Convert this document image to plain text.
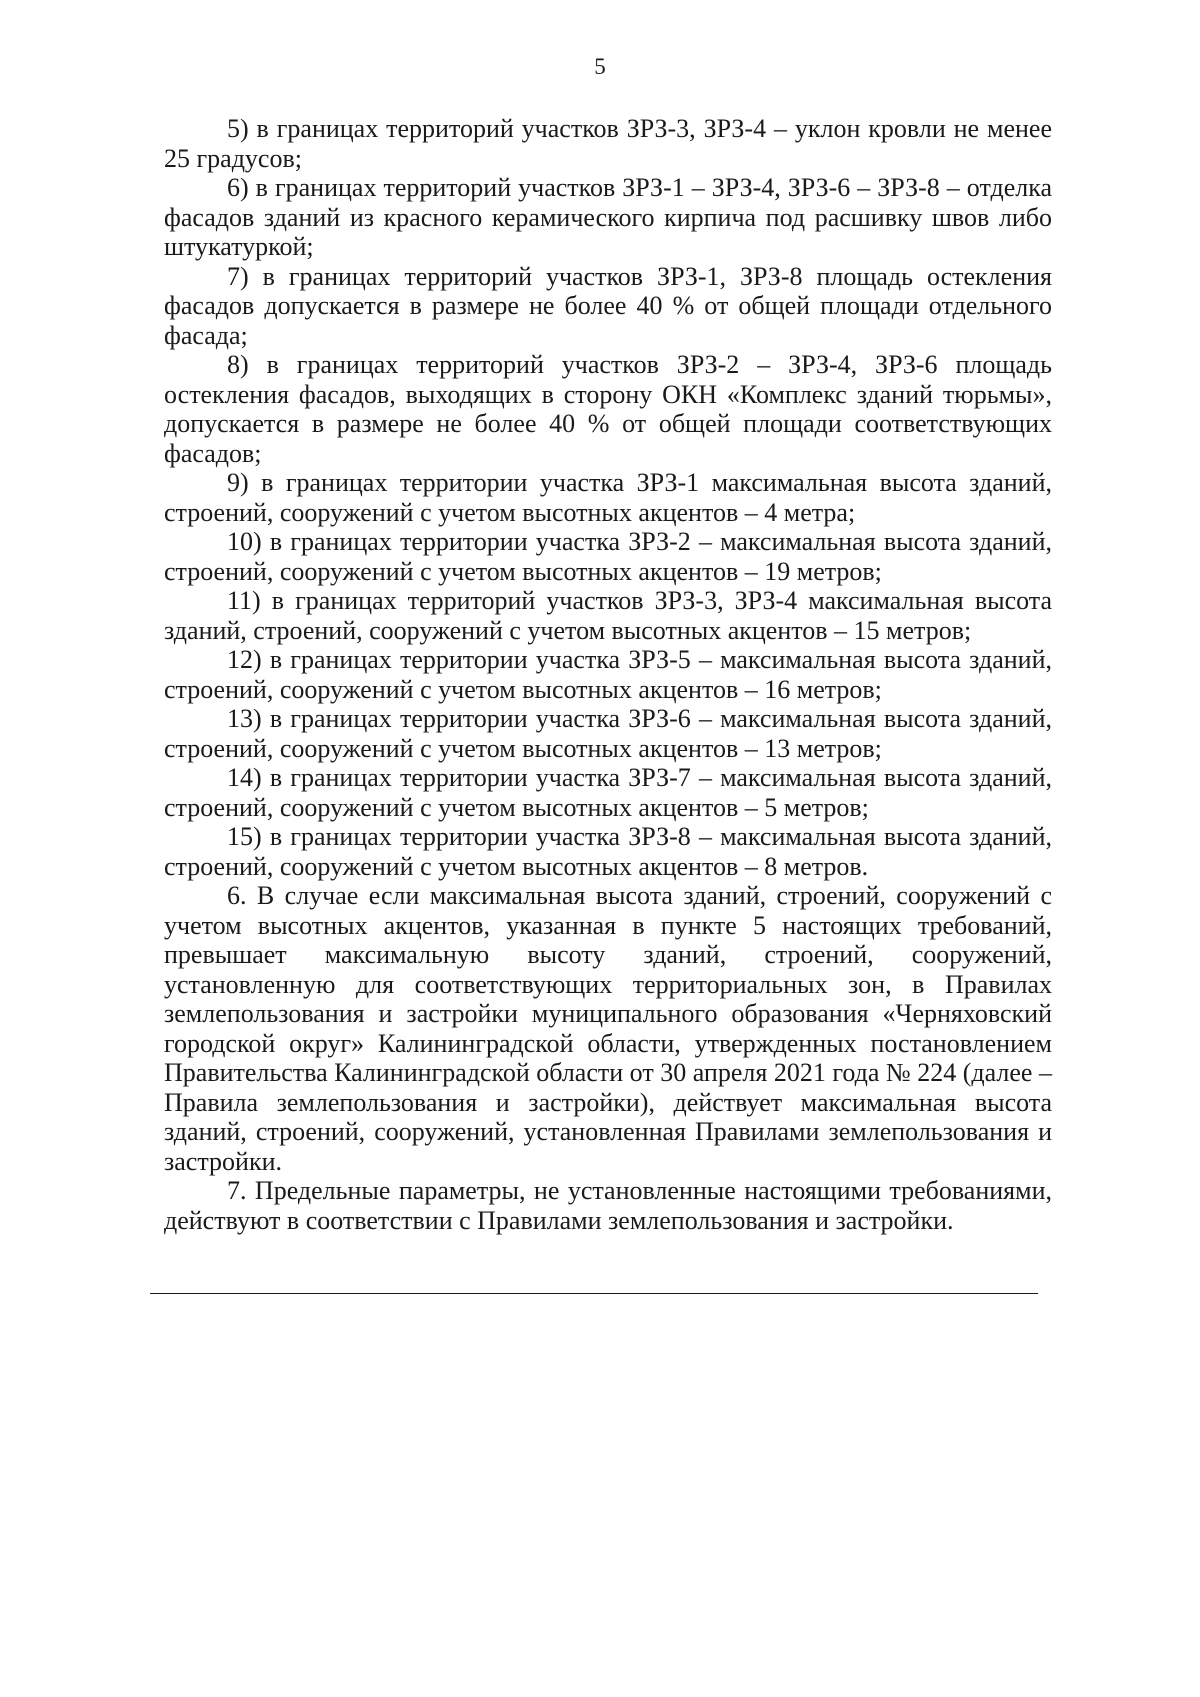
5

5) в границах территорий участков ЗРЗ-3, ЗРЗ-4 – уклон кровли не менее 25 градусов;

6) в границах территорий участков ЗРЗ-1 – ЗРЗ-4, ЗРЗ-6 – ЗРЗ-8 – отделка фасадов зданий из красного керамического кирпича под расшивку швов либо штукатуркой;

7) в границах территорий участков ЗРЗ-1, ЗРЗ-8 площадь остекления фасадов допускается в размере не более 40 % от общей площади отдельного фасада;

8) в границах территорий участков ЗРЗ-2 – ЗРЗ-4, ЗРЗ-6 площадь остекления фасадов, выходящих в сторону ОКН «Комплекс зданий тюрьмы», допускается в размере не более 40 % от общей площади соответствующих фасадов;

9) в границах территории участка ЗРЗ-1 максимальная высота зданий, строений, сооружений с учетом высотных акцентов – 4 метра;

10) в границах территории участка ЗРЗ-2 – максимальная высота зданий, строений, сооружений с учетом высотных акцентов – 19 метров;

11) в границах территорий участков ЗРЗ-3, ЗРЗ-4 максимальная высота зданий, строений, сооружений с учетом высотных акцентов – 15 метров;

12) в границах территории участка ЗРЗ-5 – максимальная высота зданий, строений, сооружений с учетом высотных акцентов – 16 метров;

13) в границах территории участка ЗРЗ-6 – максимальная высота зданий, строений, сооружений с учетом высотных акцентов – 13 метров;

14) в границах территории участка ЗРЗ-7 – максимальная высота зданий, строений, сооружений с учетом высотных акцентов – 5 метров;

15) в границах территории участка ЗРЗ-8 – максимальная высота зданий, строений, сооружений с учетом высотных акцентов – 8 метров.

6. В случае если максимальная высота зданий, строений, сооружений с учетом высотных акцентов, указанная в пункте 5 настоящих требований, превышает максимальную высоту зданий, строений, сооружений, установленную для соответствующих территориальных зон, в Правилах землепользования и застройки муниципального образования «Черняховский городской округ» Калининградской области, утвержденных постановлением Правительства Калининградской области от 30 апреля 2021 года № 224 (далее – Правила землепользования и застройки), действует максимальная высота зданий, строений, сооружений, установленная Правилами землепользования и застройки.

7. Предельные параметры, не установленные настоящими требованиями, действуют в соответствии с Правилами землепользования и застройки.
